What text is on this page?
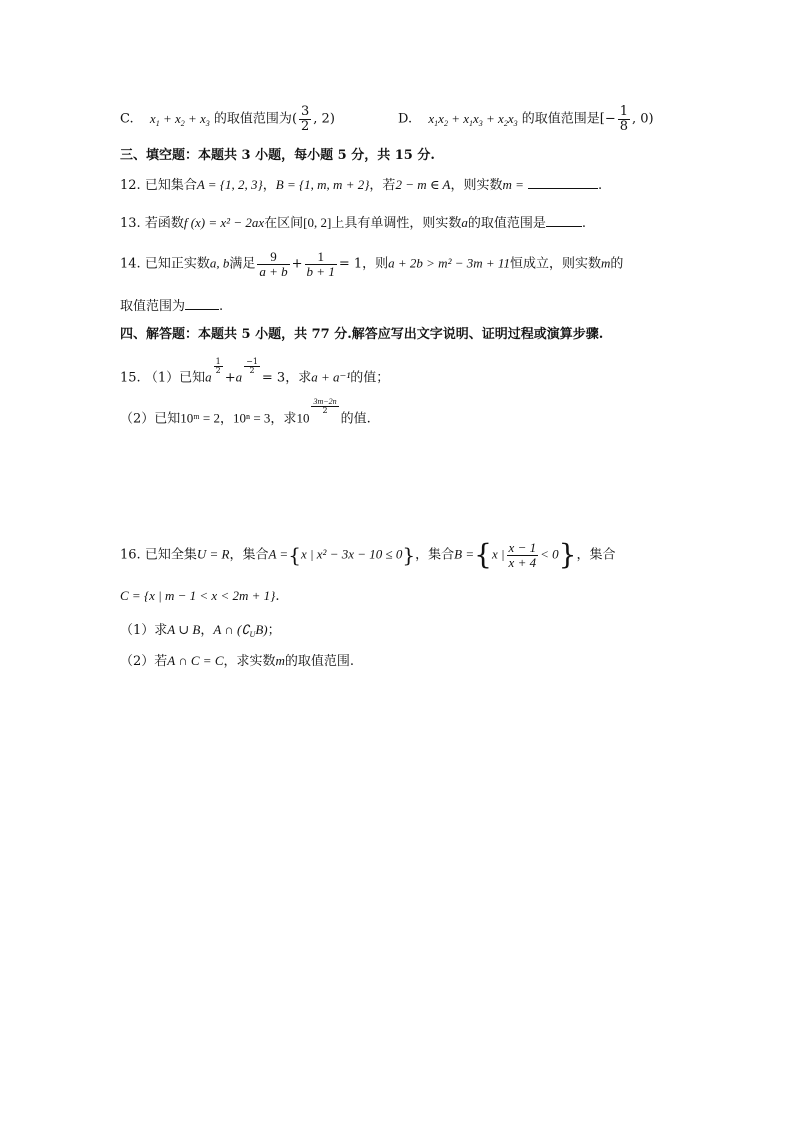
C. $x_1 + x_2 + x_3$ 的取值范围为( $\frac{3}{2}$ , 2)	D. $x_1x_2 + x_1x_3 + x_2x_3$ 的取值范围是[− $\frac{1}{8}$ , 0)
三、填空题：本题共 3 小题，每小题 5 分，共 15 分.
12. 已知集合A = {1, 2, 3}，B = {1, m, m + 2}，若2 − m ∈ A，则实数m =	.
13. 若函数f (x) = x² − 2ax在区间[0, 2]上具有单调性，则实数a的取值范围是	.
14. 已知正实数a, b满足 $\frac{9}{a + b} + \frac{1}{b + 1} = 1$，则a + 2b > m² − 3m + 11恒成立，则实数m的
取值范围为	.
四、解答题：本题共 5 小题，共 77 分.解答应写出文字说明、证明过程或演算步骤.
15. （1）已知a
$\frac{1}{2}$
+a
$\frac{-1}{2}$
= 3，求a + a⁻¹的值；
（2）已知10ᵐ = 2，10ⁿ = 3，求10
$\frac{3m-2n}{2}$
的值.
16. 已知全集U = R，集合A ={x | x² − 3x − 10 ≤ 0}，集合B ={x | $\frac{x - 1}{x + 4} < 0$}，集合
C = {x | m − 1 < x < 2m + 1}.
（1）求A ∪ B，A ∩ $(∁_UB)$；
（2）若A ∩ C = C，求实数m的取值范围.
